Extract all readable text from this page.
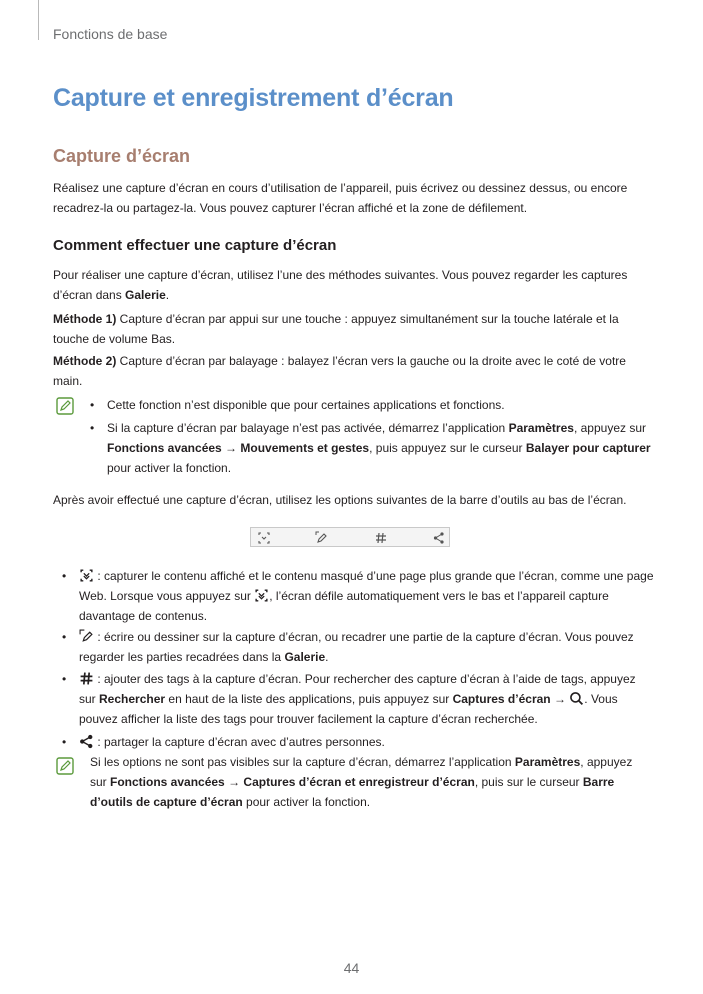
Fonctions de base
Capture et enregistrement d’écran
Capture d’écran
Réalisez une capture d’écran en cours d’utilisation de l’appareil, puis écrivez ou dessinez dessus, ou encore recadrez-la ou partagez-la. Vous pouvez capturer l’écran affiché et la zone de défilement.
Comment effectuer une capture d’écran
Pour réaliser une capture d’écran, utilisez l’une des méthodes suivantes. Vous pouvez regarder les captures d’écran dans Galerie.
Méthode 1) Capture d’écran par appui sur une touche : appuyez simultanément sur la touche latérale et la touche de volume Bas.
Méthode 2) Capture d’écran par balayage : balayez l’écran vers la gauche ou la droite avec le coté de votre main.
• Cette fonction n’est disponible que pour certaines applications et fonctions.
• Si la capture d’écran par balayage n’est pas activée, démarrez l’application Paramètres, appuyez sur Fonctions avancées → Mouvements et gestes, puis appuyez sur le curseur Balayer pour capturer pour activer la fonction.
Après avoir effectué une capture d’écran, utilisez les options suivantes de la barre d’outils au bas de l’écran.
•	: capturer le contenu affiché et le contenu masqué d’une page plus grande que l’écran, comme une page Web. Lorsque vous appuyez sur , l’écran défile automatiquement vers le bas et l’appareil capture davantage de contenus.
•	: écrire ou dessiner sur la capture d’écran, ou recadrer une partie de la capture d’écran. Vous pouvez regarder les parties recadrées dans la Galerie.
•	: ajouter des tags à la capture d’écran. Pour rechercher des capture d’écran à l’aide de tags, appuyez sur Rechercher en haut de la liste des applications, puis appuyez sur Captures d’écran → . Vous pouvez afficher la liste des tags pour trouver facilement la capture d’écran recherchée.
•	: partager la capture d’écran avec d’autres personnes.
Si les options ne sont pas visibles sur la capture d’écran, démarrez l’application Paramètres, appuyez sur Fonctions avancées → Captures d’écran et enregistreur d’écran, puis sur le curseur Barre d’outils de capture d’écran pour activer la fonction.
44
